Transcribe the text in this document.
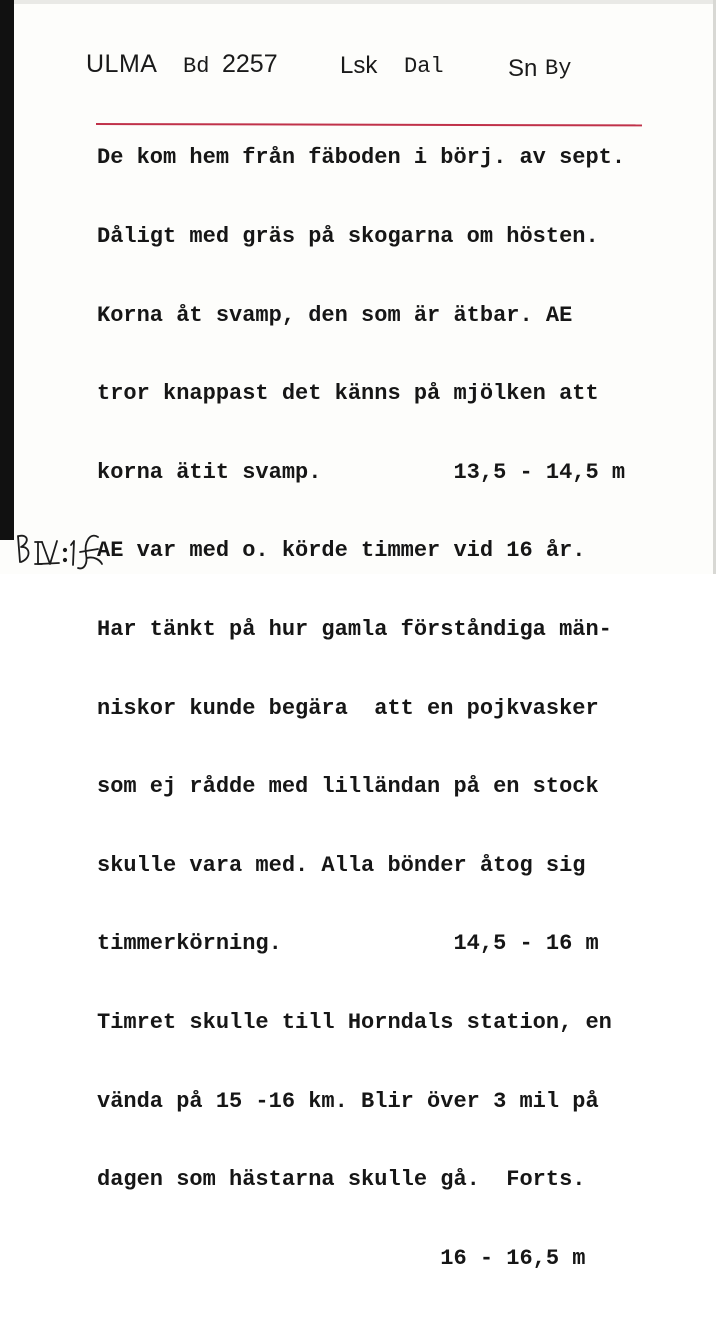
ULMA Bd 2257	Lsk Dal	Sn By

De kom hem från fäboden i börj. av sept.

Dåligt med gräs på skogarna om hösten.

Korna åt svamp, den som är ätbar. AE

tror knappast det känns på mjölken att

korna ätit svamp.          13,5 - 14,5 m

AE var med o. körde timmer vid 16 år.

Har tänkt på hur gamla förståndiga män-

niskor kunde begära  att en pojkvasker

som ej rådde med lilländan på en stock

skulle vara med. Alla bönder åtog sig

timmerkörning.             14,5 - 16 m

Timret skulle till Horndals station, en

vända på 15 -16 km. Blir över 3 mil på

dagen som hästarna skulle gå.  Forts.

16 - 16,5 m
